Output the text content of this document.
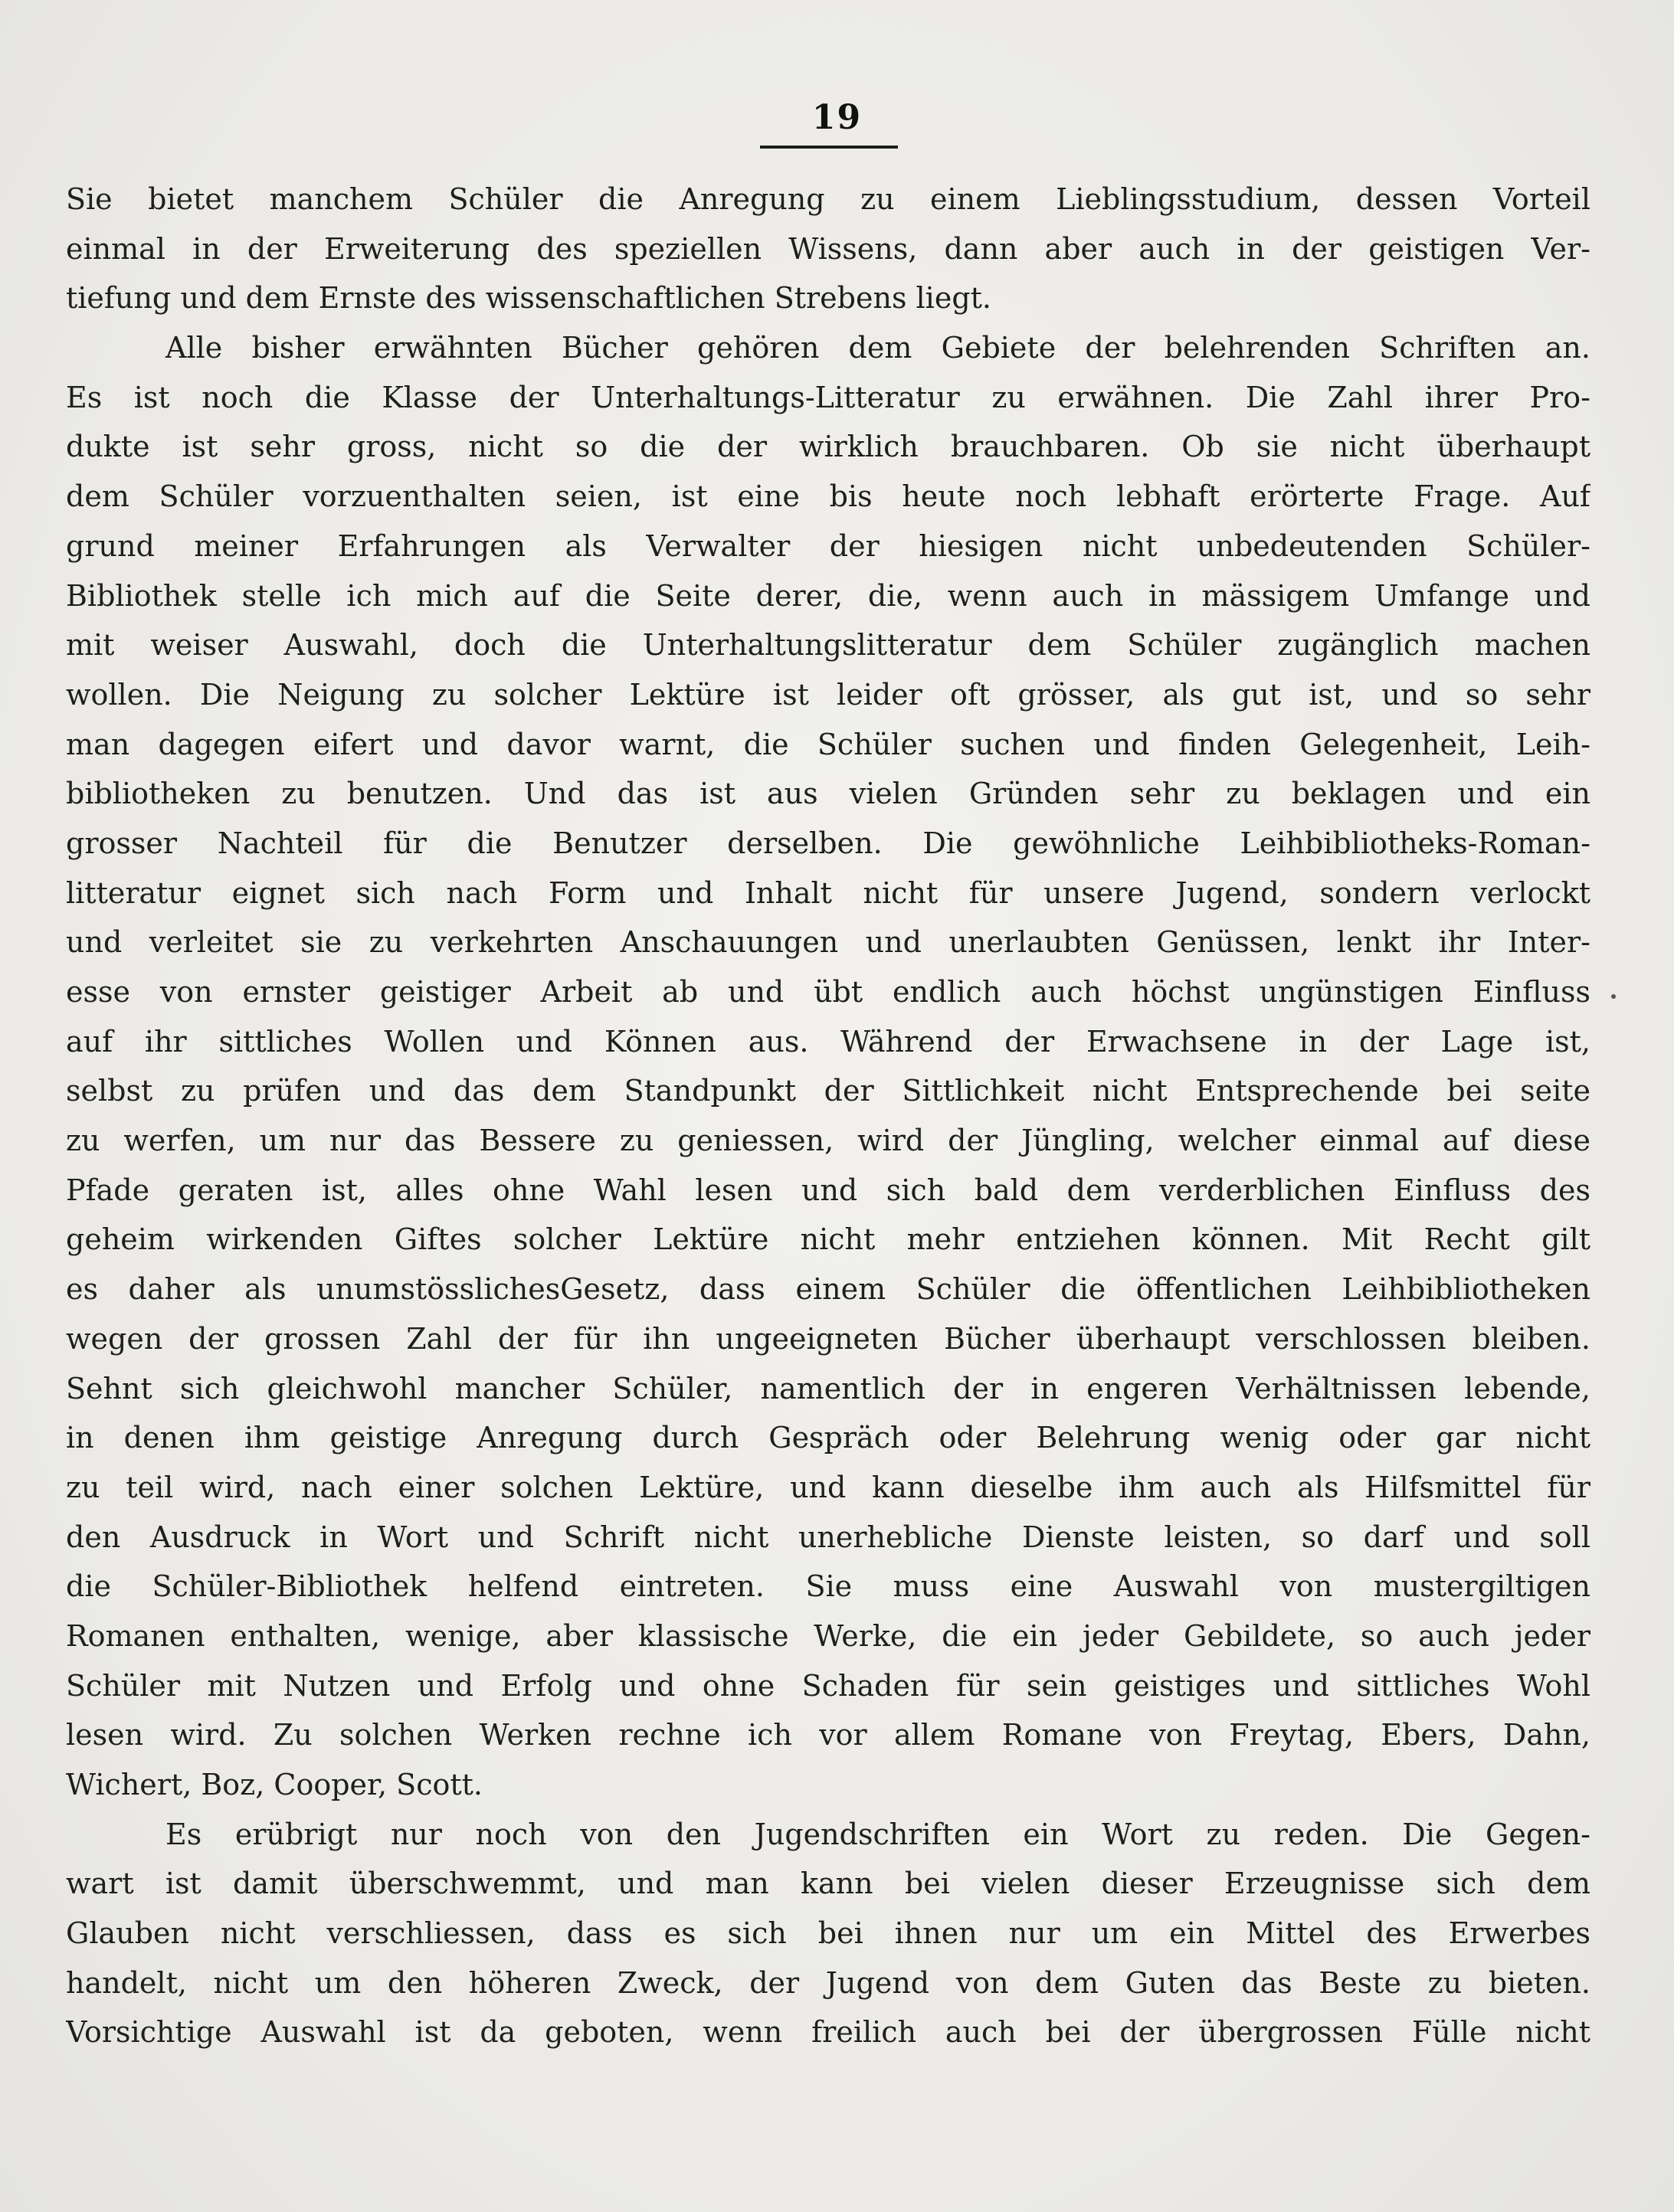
19
Sie bietet manchem Schüler die Anregung zu einem Lieblingsstudium, dessen Vorteil
einmal in der Erweiterung des speziellen Wissens, dann aber auch in der geistigen Ver-
tiefung und dem Ernste des wissenschaftlichen Strebens liegt.
Alle bisher erwähnten Bücher gehören dem Gebiete der belehrenden Schriften an.
Es ist noch die Klasse der Unterhaltungs-Litteratur zu erwähnen. Die Zahl ihrer Pro-
dukte ist sehr gross, nicht so die der wirklich brauchbaren. Ob sie nicht überhaupt
dem Schüler vorzuenthalten seien, ist eine bis heute noch lebhaft erörterte Frage. Auf
grund meiner Erfahrungen als Verwalter der hiesigen nicht unbedeutenden Schüler-
Bibliothek stelle ich mich auf die Seite derer, die, wenn auch in mässigem Umfange und
mit weiser Auswahl, doch die Unterhaltungslitteratur dem Schüler zugänglich machen
wollen. Die Neigung zu solcher Lektüre ist leider oft grösser, als gut ist, und so sehr
man dagegen eifert und davor warnt, die Schüler suchen und finden Gelegenheit, Leih-
bibliotheken zu benutzen. Und das ist aus vielen Gründen sehr zu beklagen und ein
grosser Nachteil für die Benutzer derselben. Die gewöhnliche Leihbibliotheks-Roman-
litteratur eignet sich nach Form und Inhalt nicht für unsere Jugend, sondern verlockt
und verleitet sie zu verkehrten Anschauungen und unerlaubten Genüssen, lenkt ihr Inter-
esse von ernster geistiger Arbeit ab und übt endlich auch höchst ungünstigen Einfluss
auf ihr sittliches Wollen und Können aus. Während der Erwachsene in der Lage ist,
selbst zu prüfen und das dem Standpunkt der Sittlichkeit nicht Entsprechende bei seite
zu werfen, um nur das Bessere zu geniessen, wird der Jüngling, welcher einmal auf diese
Pfade geraten ist, alles ohne Wahl lesen und sich bald dem verderblichen Einfluss des
geheim wirkenden Giftes solcher Lektüre nicht mehr entziehen können. Mit Recht gilt
es daher als unumstösslichesGesetz, dass einem Schüler die öffentlichen Leihbibliotheken
wegen der grossen Zahl der für ihn ungeeigneten Bücher überhaupt verschlossen bleiben.
Sehnt sich gleichwohl mancher Schüler, namentlich der in engeren Verhältnissen lebende,
in denen ihm geistige Anregung durch Gespräch oder Belehrung wenig oder gar nicht
zu teil wird, nach einer solchen Lektüre, und kann dieselbe ihm auch als Hilfsmittel für
den Ausdruck in Wort und Schrift nicht unerhebliche Dienste leisten, so darf und soll
die Schüler-Bibliothek helfend eintreten. Sie muss eine Auswahl von mustergiltigen
Romanen enthalten, wenige, aber klassische Werke, die ein jeder Gebildete, so auch jeder
Schüler mit Nutzen und Erfolg und ohne Schaden für sein geistiges und sittliches Wohl
lesen wird. Zu solchen Werken rechne ich vor allem Romane von Freytag, Ebers, Dahn,
Wichert, Boz, Cooper, Scott.
Es erübrigt nur noch von den Jugendschriften ein Wort zu reden. Die Gegen-
wart ist damit überschwemmt, und man kann bei vielen dieser Erzeugnisse sich dem
Glauben nicht verschliessen, dass es sich bei ihnen nur um ein Mittel des Erwerbes
handelt, nicht um den höheren Zweck, der Jugend von dem Guten das Beste zu bieten.
Vorsichtige Auswahl ist da geboten, wenn freilich auch bei der übergrossen Fülle nicht
